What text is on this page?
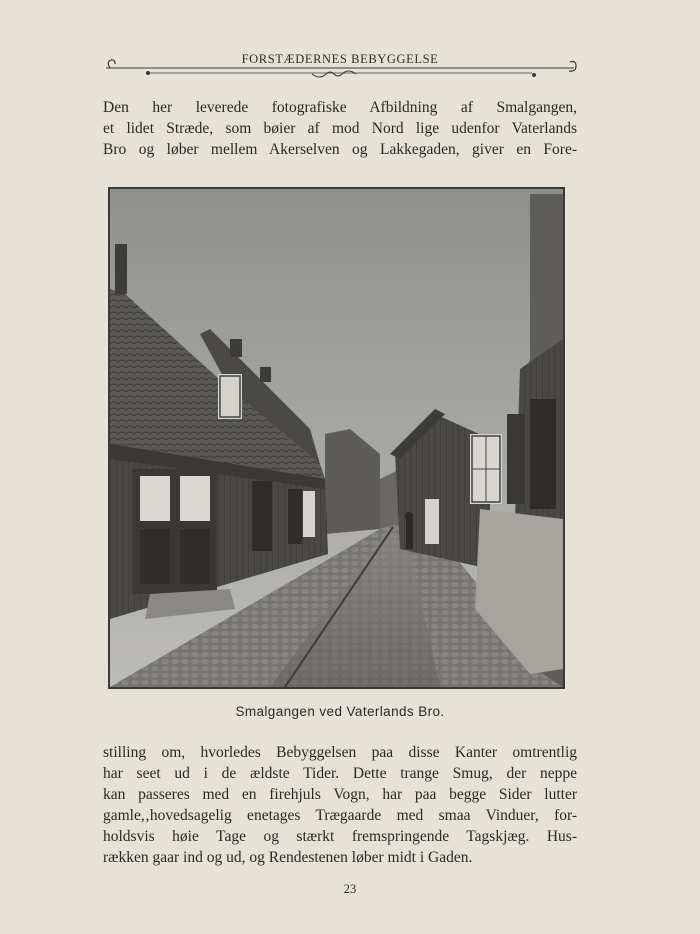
FORSTÆDERNES BEBYGGELSE

Den her leverede fotografiske Afbildning af Smalgangen,

et lidet Stræde, som bøier af mod Nord lige udenfor Vaterlands

Bro og løber mellem Akerselven og Lakkegaden, giver en Fore-

Smalgangen ved Vaterlands Bro.

stilling om, hvorledes Bebyggelsen paa disse Kanter omtrentlig

har seet ud i de ældste Tider. Dette trange Smug, der neppe

kan passeres med en firehjuls Vogn, har paa begge Sider lutter

gamle,‚hovedsagelig enetages Trægaarde med smaa Vinduer, for-

holdsvis høie Tage og stærkt fremspringende Tagskjæg. Hus-

rækken gaar ind og ud, og Rendestenen løber midt i Gaden.

23
